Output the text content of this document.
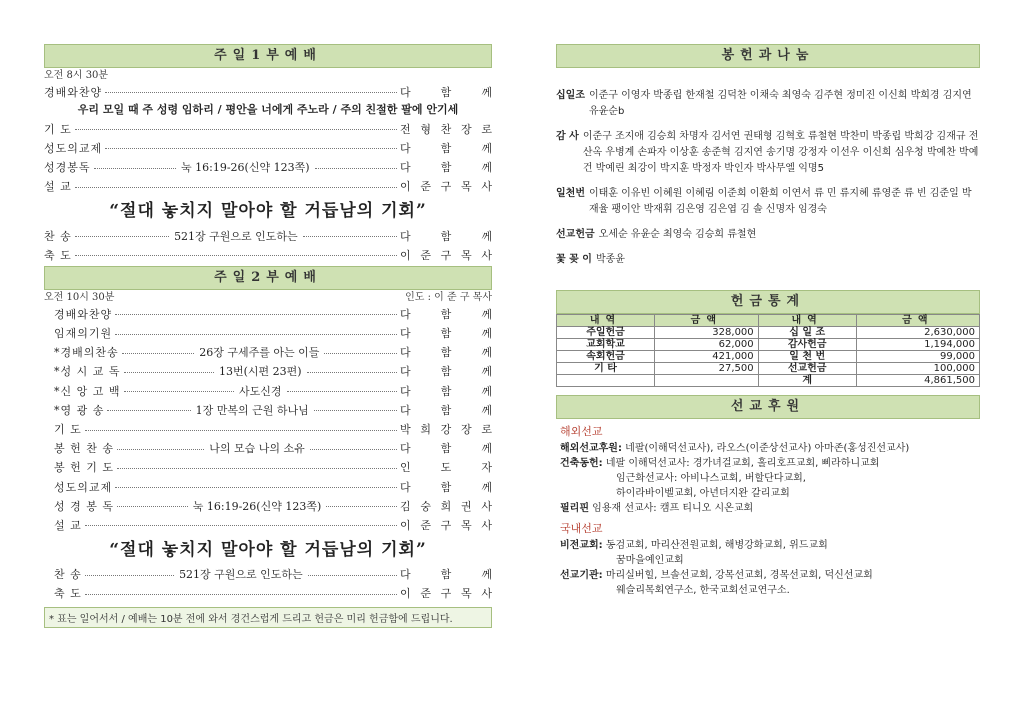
주일1부예배
오전 8시 30분
경배와찬양	다	함	께
우리 모일 때 주 성령 임하리 / 평안을 너에게 주노라 / 주의 친절한 팔에 안기세
기 도	전 형 찬 장 로
성도의교제	다	함	께
성경봉독	눅 16:19-26(신약 123쪽)	다	함	께
설 교	이 준 구 목 사
“절대 놓치지 말아야 할 거듭남의 기회”
찬 송	521장 구원으로 인도하는	다	함	께
축 도	이 준 구 목 사
주일2부예배
오전 10시 30분	인도 : 이 준 구 목사
경배와찬양	다	함	께
임재의기원	다	함	께
*경배의찬송	26장 구세주를 아는 이들	다	함	께
*성 시 교 독	13번(시편 23편)	다	함	께
*신 앙 고 백	사도신경	다	함	께
*영 광 송	1장 만복의 근원 하나님	다	함	께
기 도	박 희 강 장 로
봉 헌 찬 송	나의 모습 나의 소유	다	함	께
봉 헌 기 도	인	도	자
성도의교제	다	함	께
성 경 봉 독	눅 16:19-26(신약 123쪽)	김 숭 희 권 사
설 교	이 준 구 목 사
“절대 놓치지 말아야 할 거듭남의 기회”
찬 송	521장 구원으로 인도하는	다	함	께
축 도	이 준 구 목 사
* 표는 일어서서 / 예배는 10분 전에 와서 경건스럽게 드리고 헌금은 미리 헌금함에 드립니다.
봉헌과나눔
십일조 이준구 이영자 박종립 한재철 김덕찬 이채숙 최영숙 김주현 정미진 이신희 박희경 김지연 유윤순b
감 사 이준구 조지애 김승희 차명자 김서연 권태형 김혁호 류철현 박찬미 박종립 박희강 김재규 전산옥 우병계 손파자 이상훈 송준혁 김지연 송기명 강정자 이선우 이신희 심우청 박예찬 박예건 박예린 최강이 박지훈 박정자 박인자 박사무엘 익명5
일천번 이태훈 이유빈 이혜원 이혜림 이준희 이환희 이연서 류 민 류지혜 류영준 류 빈 김준일 박재율 팽이안 박재휘 김은영 김은엽 김 솔 신명자 임경숙
선교헌금 오세순 유윤순 최영숙 김승희 류철현
꽃 꽂 이 박종윤
헌금통계
내역	금액	내역	금액
주일헌금	328,000	십 일 조	2,630,000
교회학교	62,000	감사헌금	1,194,000
속회헌금	421,000	일 천 번	99,000
기 타	27,500	선교헌금	100,000
		계	4,861,500
선교후원
해외선교
해외선교후원: 네팔(이해덕선교사), 라오스(이준상선교사) 아마존(홍성진선교사)
건축동헌: 네팔 이해덕선교사: 경가녀걸교회, 홀리호프교회, 삐라하니교회
임근화선교사: 아비나스교회, 버할단다교회,
하이라바이벨교회, 아년더지완 갈리교회
필리핀 임용재 선교사: 캠프 티니오 시온교회
국내선교
비전교회: 동검교회, 마리산전원교회, 해병강화교회, 위드교회
꿈마을예인교회
선교기관: 마리실버힐, 브솔선교회, 강목선교회, 경목선교회, 덕신선교회
웨슬리목회연구소, 한국교회선교연구소.
